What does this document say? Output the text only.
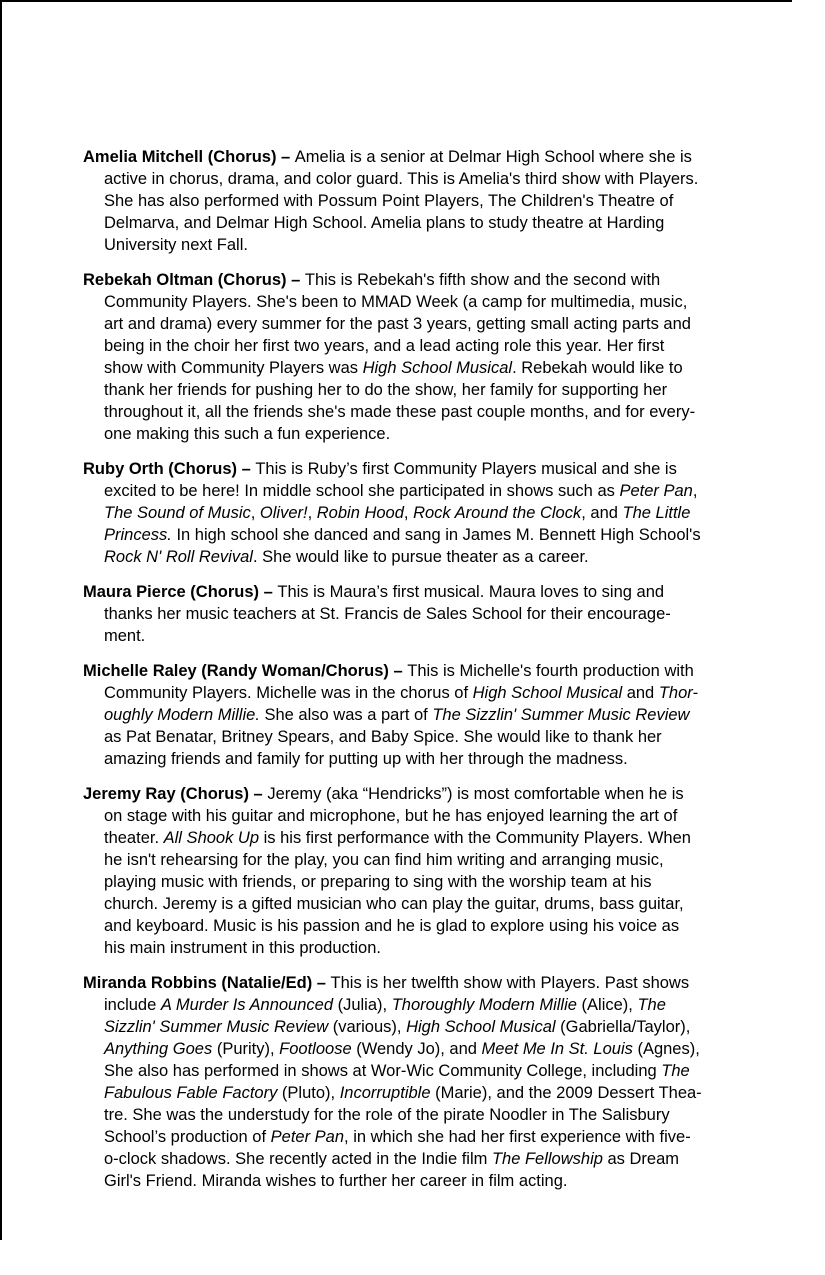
Amelia Mitchell (Chorus) – Amelia is a senior at Delmar High School where she is
active in chorus, drama, and color guard. This is Amelia's third show with Players.
She has also performed with Possum Point Players, The Children's Theatre of
Delmarva, and Delmar High School. Amelia plans to study theatre at Harding
University next Fall.

Rebekah Oltman (Chorus) – This is Rebekah's fifth show and the second with
Community Players. She's been to MMAD Week (a camp for multimedia, music,
art and drama) every summer for the past 3 years, getting small acting parts and
being in the choir her first two years, and a lead acting role this year. Her first
show with Community Players was High School Musical. Rebekah would like to
thank her friends for pushing her to do the show, her family for supporting her
throughout it, all the friends she's made these past couple months, and for every-
one making this such a fun experience.

Ruby Orth (Chorus) – This is Ruby’s first Community Players musical and she is
excited to be here! In middle school she participated in shows such as Peter Pan,
The Sound of Music, Oliver!, Robin Hood, Rock Around the Clock, and The Little
Princess. In high school she danced and sang in James M. Bennett High School's
Rock N' Roll Revival. She would like to pursue theater as a career.

Maura Pierce (Chorus) – This is Maura’s first musical. Maura loves to sing and
thanks her music teachers at St. Francis de Sales School for their encourage-
ment.

Michelle Raley (Randy Woman/Chorus) – This is Michelle's fourth production with
Community Players. Michelle was in the chorus of High School Musical and Thor-
oughly Modern Millie. She also was a part of The Sizzlin' Summer Music Review
as Pat Benatar, Britney Spears, and Baby Spice. She would like to thank her
amazing friends and family for putting up with her through the madness.

Jeremy Ray (Chorus) – Jeremy (aka “Hendricks”) is most comfortable when he is
on stage with his guitar and microphone, but he has enjoyed learning the art of
theater. All Shook Up is his first performance with the Community Players. When
he isn't rehearsing for the play, you can find him writing and arranging music,
playing music with friends, or preparing to sing with the worship team at his
church. Jeremy is a gifted musician who can play the guitar, drums, bass guitar,
and keyboard. Music is his passion and he is glad to explore using his voice as
his main instrument in this production.

Miranda Robbins (Natalie/Ed) – This is her twelfth show with Players. Past shows
include A Murder Is Announced (Julia), Thoroughly Modern Millie (Alice), The
Sizzlin' Summer Music Review (various), High School Musical (Gabriella/Taylor),
Anything Goes (Purity), Footloose (Wendy Jo), and Meet Me In St. Louis (Agnes),
She also has performed in shows at Wor-Wic Community College, including The
Fabulous Fable Factory (Pluto), Incorruptible (Marie), and the 2009 Dessert Thea-
tre. She was the understudy for the role of the pirate Noodler in The Salisbury
School’s production of Peter Pan, in which she had her first experience with five-
o-clock shadows. She recently acted in the Indie film The Fellowship as Dream
Girl's Friend. Miranda wishes to further her career in film acting.
